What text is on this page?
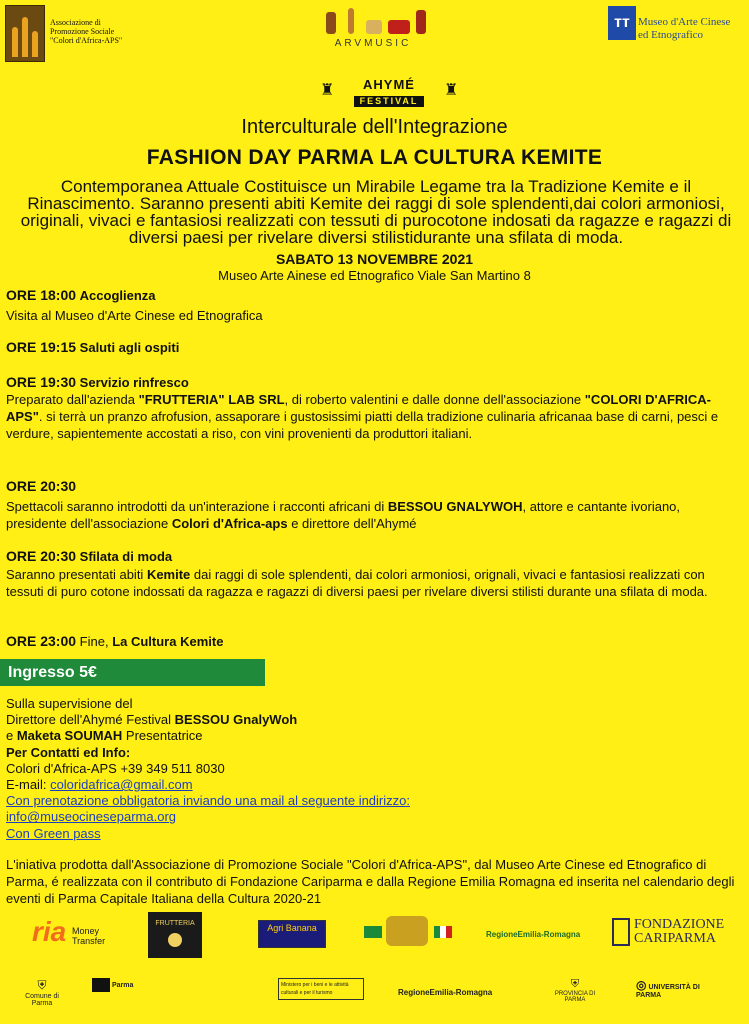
Associazione di
Promozione Sociale
"Colori d'Africa-APS"	ARVMUSIC
ᴛᴛ Museo d'Arte Cinese
ed Etnografico
♜	AHYMÉ
FESTIVAL
♜
Interculturale dell'Integrazione
FASHION DAY PARMA LA CULTURA KEMITE
Contemporanea Attuale Costituisce un Mirabile Legame tra la Tradizione Kemite e il Rinascimento. Saranno presenti abiti Kemite dei raggi di sole splendenti,dai colori armoniosi, originali, vivaci e fantasiosi realizzati con tessuti di purocotone indosati da ragazze e ragazzi di diversi paesi per rivelare diversi stilistidurante una sfilata di moda.
SABATO 13 NOVEMBRE 2021
Museo Arte Ainese ed Etnografico Viale San Martino 8
ORE 18:00 Accoglienza
Visita al Museo d'Arte Cinese ed Etnografica
ORE 19:15 Saluti agli ospiti
ORE 19:30 Servizio rinfresco
Preparato dall'azienda "FRUTTERIA" LAB SRL, di roberto valentini e dalle donne dell'associazione "COLORI D'AFRICA-APS". si terrà un pranzo afrofusion, assaporare i gustosissimi piatti della tradizione culinaria africanaa base di carni, pesci e verdure, sapientemente accostati a riso, con vini provenienti da produttori italiani.
ORE 20:30
Spettacoli saranno introdotti da un'interazione i racconti africani di BESSOU GNALYWOH, attore e cantante ivoriano, presidente dell'associazione Colori d'Africa-aps e direttore dell'Ahymé
ORE 20:30 Sfilata di moda
Saranno presentati abiti Kemite dai raggi di sole splendenti, dai colori armoniosi, orignali, vivaci e fantasiosi realizzati con tessuti di puro cotone indossati da ragazza e ragazzi di diversi paesi per rivelare diversi stilisti durante una sfilata di moda.
ORE 23:00 Fine, La Cultura Kemite
Ingresso 5€
Sulla supervisione del
Direttore dell'Ahymé Festival BESSOU GnalyWoh
e Maketa SOUMAH Presentatrice
Per Contatti ed Info:
Colori d'Africa-APS +39 349 511 8030
E-mail: coloridafrica@gmail.com
Con prenotazione obbligatoria inviando una mail al seguente indirizzo:
info@museocineseparma.org
Con Green pass
L'iniativa prodotta dall'Associazione di Promozione Sociale "Colori d'Africa-APS", dal Museo Arte Cinese ed Etnografico di Parma, é realizzata con il contributo di Fondazione Cariparma e dalla Regione Emilia Romagna ed inserita nel calendario degli eventi di Parma Capitale Italiana della Cultura 2020-21
ria Money
Transfer
FRUTTERIA	Agri Banana
RegioneEmilia-Romagna
FONDAZIONE
CARIPARMA
⛨
Comune di Parma
Parma	Ministero per i beni e le attività culturali e per il turismo	RegioneEmilia-Romagna
⛨
PROVINCIA DI PARMA
◎ UNIVERSITÀ DI PARMA
